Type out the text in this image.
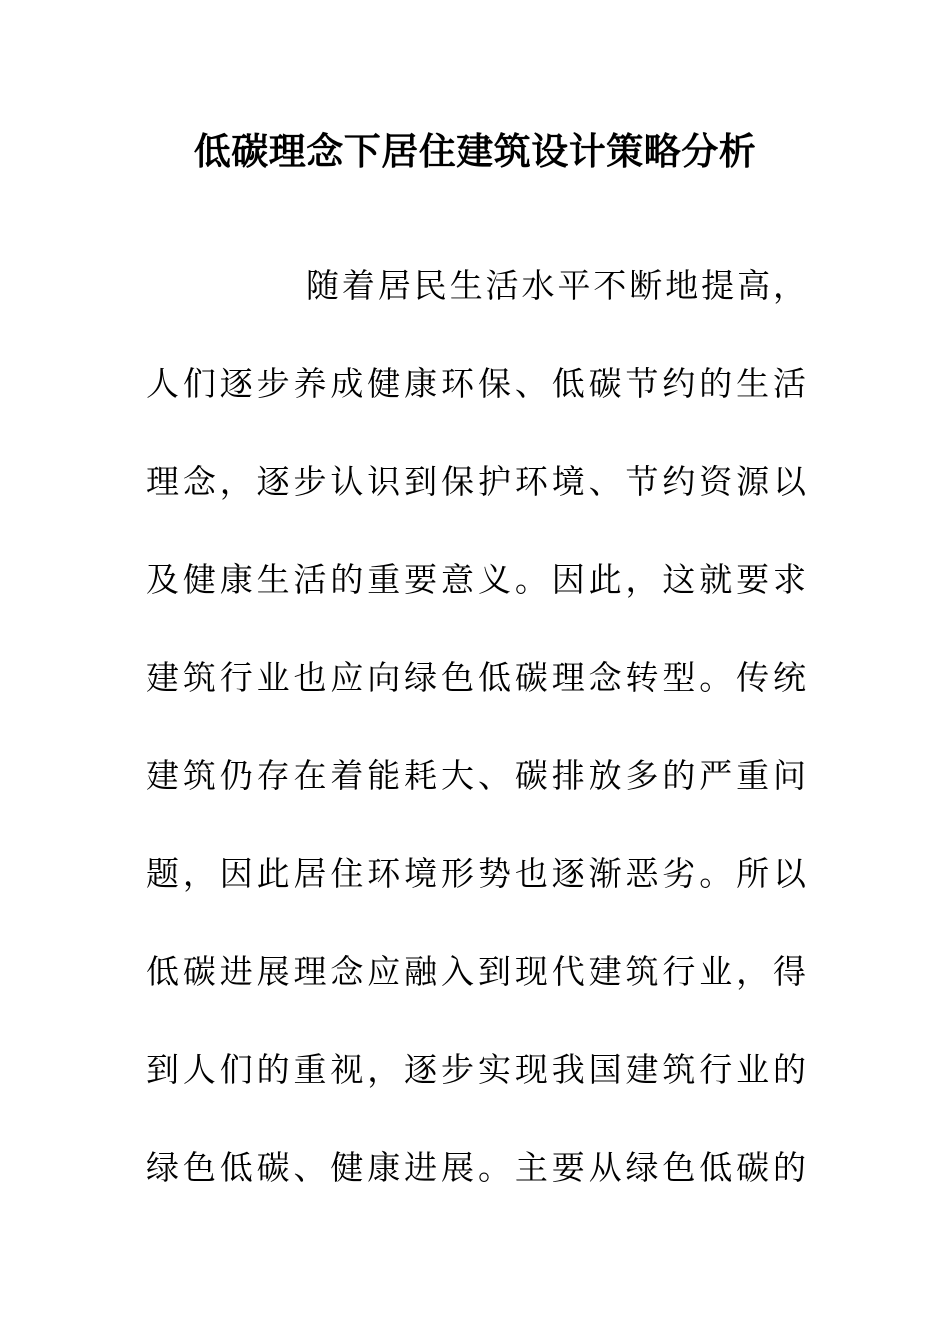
低碳理念下居住建筑设计策略分析
随着居民生活水平不断地提高，
人们逐步养成健康环保、低碳节约的生活
理念，逐步认识到保护环境、节约资源以
及健康生活的重要意义。因此，这就要求
建筑行业也应向绿色低碳理念转型。传统
建筑仍存在着能耗大、碳排放多的严重问
题，因此居住环境形势也逐渐恶劣。所以
低碳进展理念应融入到现代建筑行业，得
到人们的重视，逐步实现我国建筑行业的
绿色低碳、健康进展。主要从绿色低碳的
